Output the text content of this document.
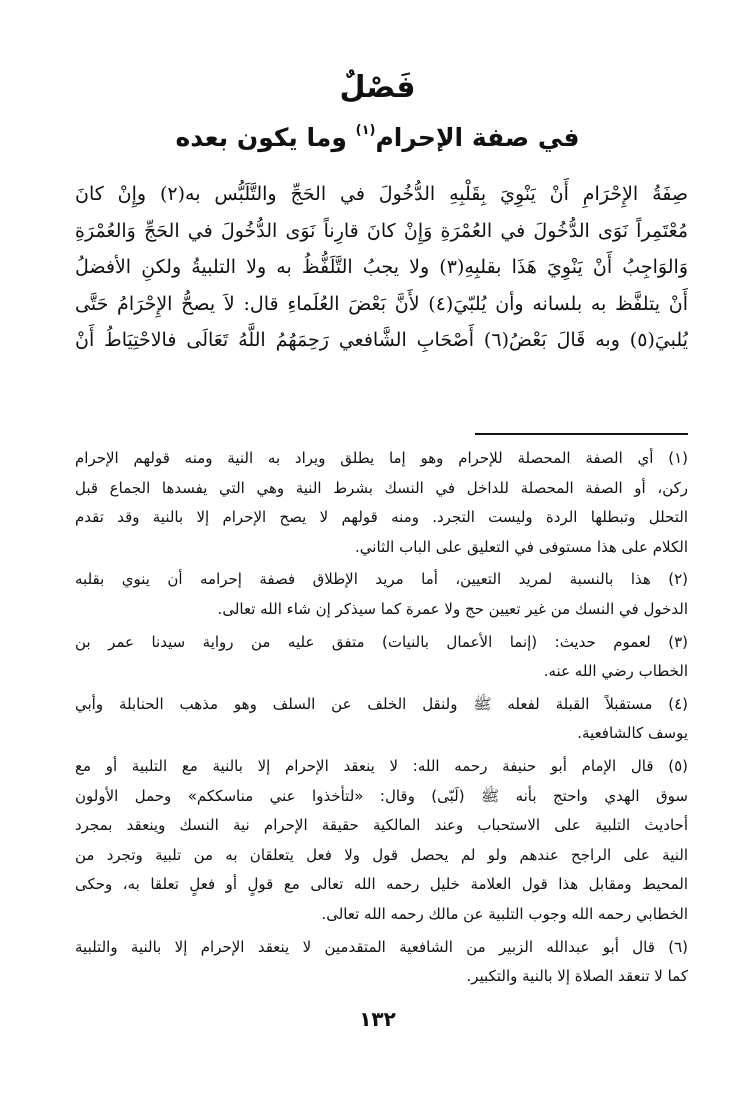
فَصْلٌ
في صفة الإحرام$^{(١)}$ وما يكون بعده
صِفَةُ الإِحْرَامِ أَنْ يَنْوِيَ بِقَلْبِهِ الدُّخُولَ في الحَجِّ والتَّلَبُّس به(٢) وإِنْ كانَ
مُعْتَمِراً نَوَى الدُّخُولَ في العُمْرَةِ وَإِنْ كانَ قارِناً نَوَى الدُّخُولَ في الحَجِّ وَالعُمْرَةِ
وَالوَاجِبُ أَنْ يَنْوِيَ هَذَا بقلبِهِ(٣) ولا يجبُ التَّلَفُّظُ به ولا التلبيةُ ولكنِ الأفضلُ
أَنْ يتلفَّظ به بلسانه وأن يُلبّيَ(٤) لأَنَّ بَعْضَ العُلَماءِ قال: لاَ يصحُّ الإِحْرَامُ حَتَّى
يُلبيَ(٥) وبه قَالَ بَعْضُ(٦) أَصْحَابِ الشَّافعي رَحِمَهُمُ اللَّهُ تَعَالَى فالاحْتِيَاطُ أَنْ
(١) أي الصفة المحصلة للإحرام وهو إما يطلق ويراد به النية ومنه قولهم الإحرام
ركن، أو الصفة المحصلة للداخل في النسك بشرط النية وهي التي يفسدها الجماع قبل
التحلل وتبطلها الردة وليست التجرد. ومنه قولهم لا يصح الإحرام إلا بالنية وقد تقدم
الكلام على هذا مستوفى في التعليق على الباب الثاني.
(٢) هذا بالنسبة لمريد التعيين، أما مريد الإطلاق فصفة إحرامه أن ينوي بقلبه
الدخول في النسك من غير تعيين حج ولا عمرة كما سيذكر إن شاء الله تعالى.
(٣) لعموم حديث: (إنما الأعمال بالنيات) متفق عليه من رواية سيدنا عمر بن
الخطاب رضي الله عنه.
(٤) مستقبلاً القبلة لفعله ﷺ ولنقل الخلف عن السلف وهو مذهب الحنابلة وأبي
يوسف كالشافعية.
(٥) قال الإمام أبو حنيفة رحمه الله: لا ينعقد الإحرام إلا بالنية مع التلبية أو مع
سوق الهدي واحتج بأنه ﷺ (لَبّى) وقال: «لتأخذوا عني مناسككم» وحمل الأولون
أحاديث التلبية على الاستحباب وعند المالكية حقيقة الإحرام نية النسك وينعقد بمجرد
النية على الراجح عندهم ولو لم يحصل قول ولا فعل يتعلقان به من تلبية وتجرد من
المحيط ومقابل هذا قول العلامة خليل رحمه الله تعالى مع قولٍ أو فعلٍ تعلقا به، وحكى
الخطابي رحمه الله وجوب التلبية عن مالك رحمه الله تعالى.
(٦) قال أبو عبدالله الزبير من الشافعية المتقدمين لا ينعقد الإحرام إلا بالنية والتلبية
كما لا تنعقد الصلاة إلا بالنية والتكبير.
١٣٢
